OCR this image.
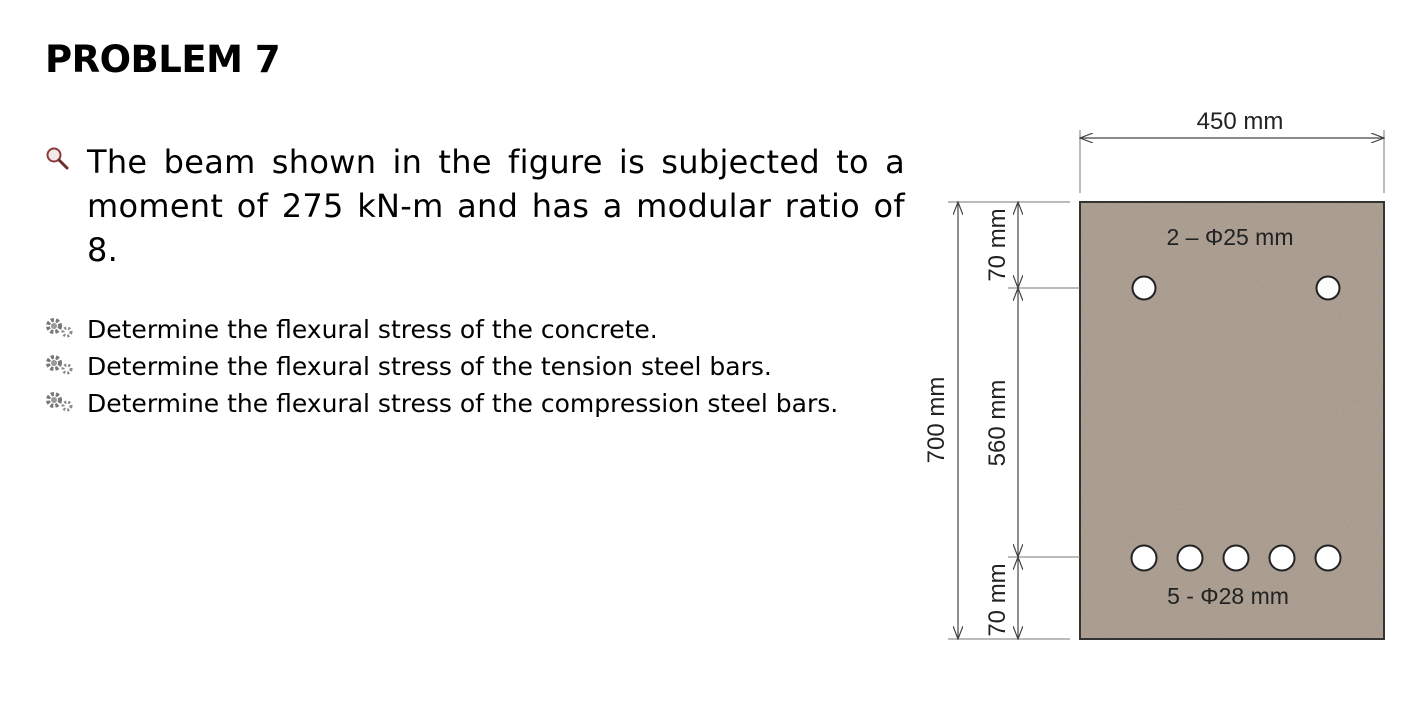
PROBLEM 7

The beam shown in the figure is subjected to a moment of 275 kN-m and has a modular ratio of 8.

Determine the flexural stress of the concrete.
Determine the flexural stress of the tension steel bars.
Determine the flexural stress of the compression steel bars.
450 mm
700 mm
70 mm
560 mm
70 mm
2 – Φ25 mm
5 - Φ28 mm
